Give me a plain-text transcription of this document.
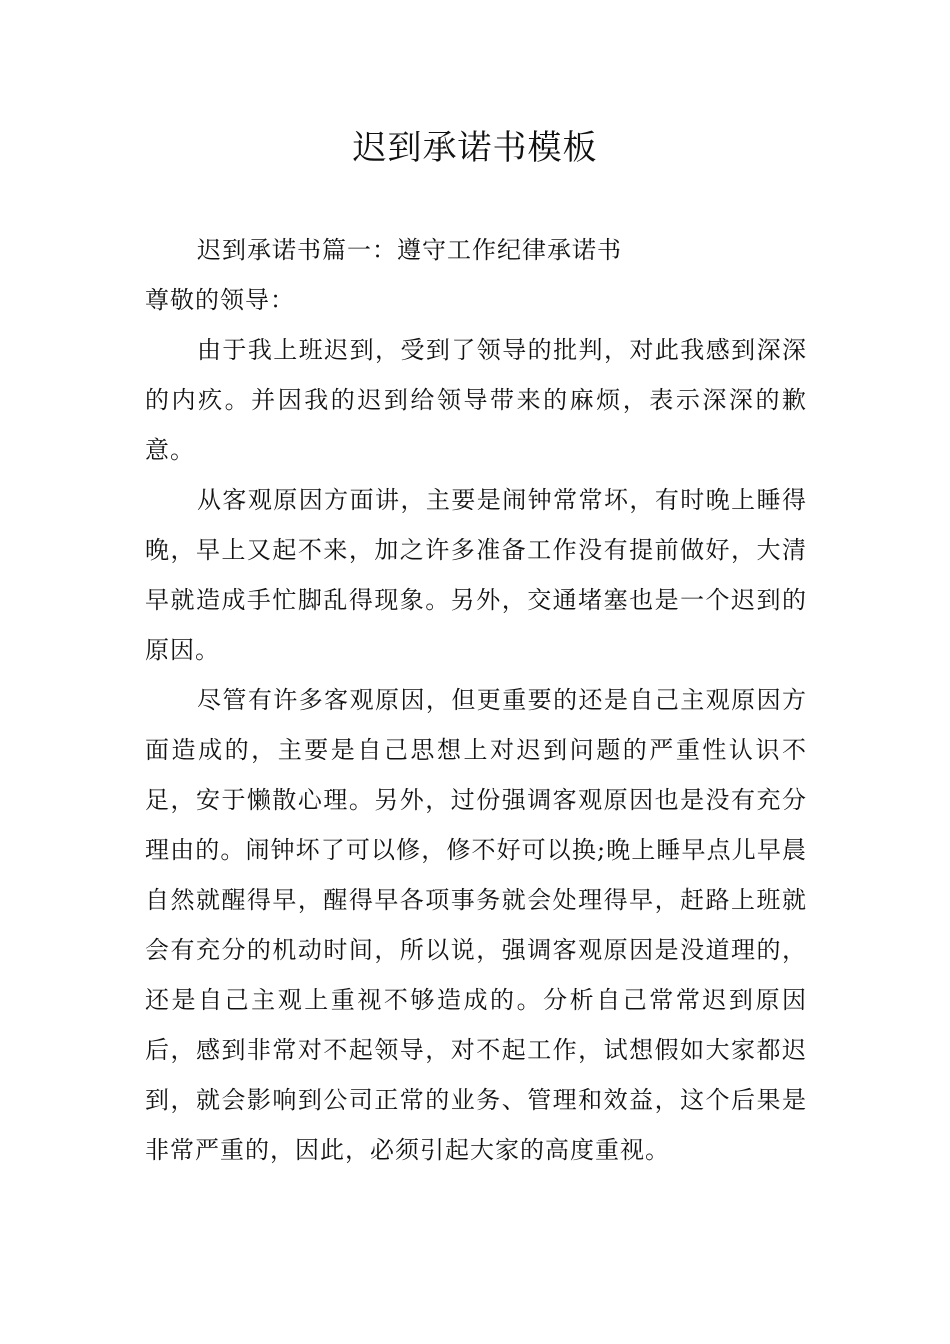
迟到承诺书模板

迟到承诺书篇一：遵守工作纪律承诺书

尊敬的领导：

由于我上班迟到，受到了领导的批判，对此我感到深深的内疚。并因我的迟到给领导带来的麻烦，表示深深的歉意。

从客观原因方面讲，主要是闹钟常常坏，有时晚上睡得晚，早上又起不来，加之许多准备工作没有提前做好，大清早就造成手忙脚乱得现象。另外，交通堵塞也是一个迟到的原因。

尽管有许多客观原因，但更重要的还是自己主观原因方面造成的，主要是自己思想上对迟到问题的严重性认识不足，安于懒散心理。另外，过份强调客观原因也是没有充分理由的。闹钟坏了可以修，修不好可以换;晚上睡早点儿早晨自然就醒得早，醒得早各项事务就会处理得早，赶路上班就会有充分的机动时间，所以说，强调客观原因是没道理的，还是自己主观上重视不够造成的。分析自己常常迟到原因后，感到非常对不起领导，对不起工作，试想假如大家都迟到，就会影响到公司正常的业务、管理和效益，这个后果是非常严重的，因此，必须引起大家的高度重视。
